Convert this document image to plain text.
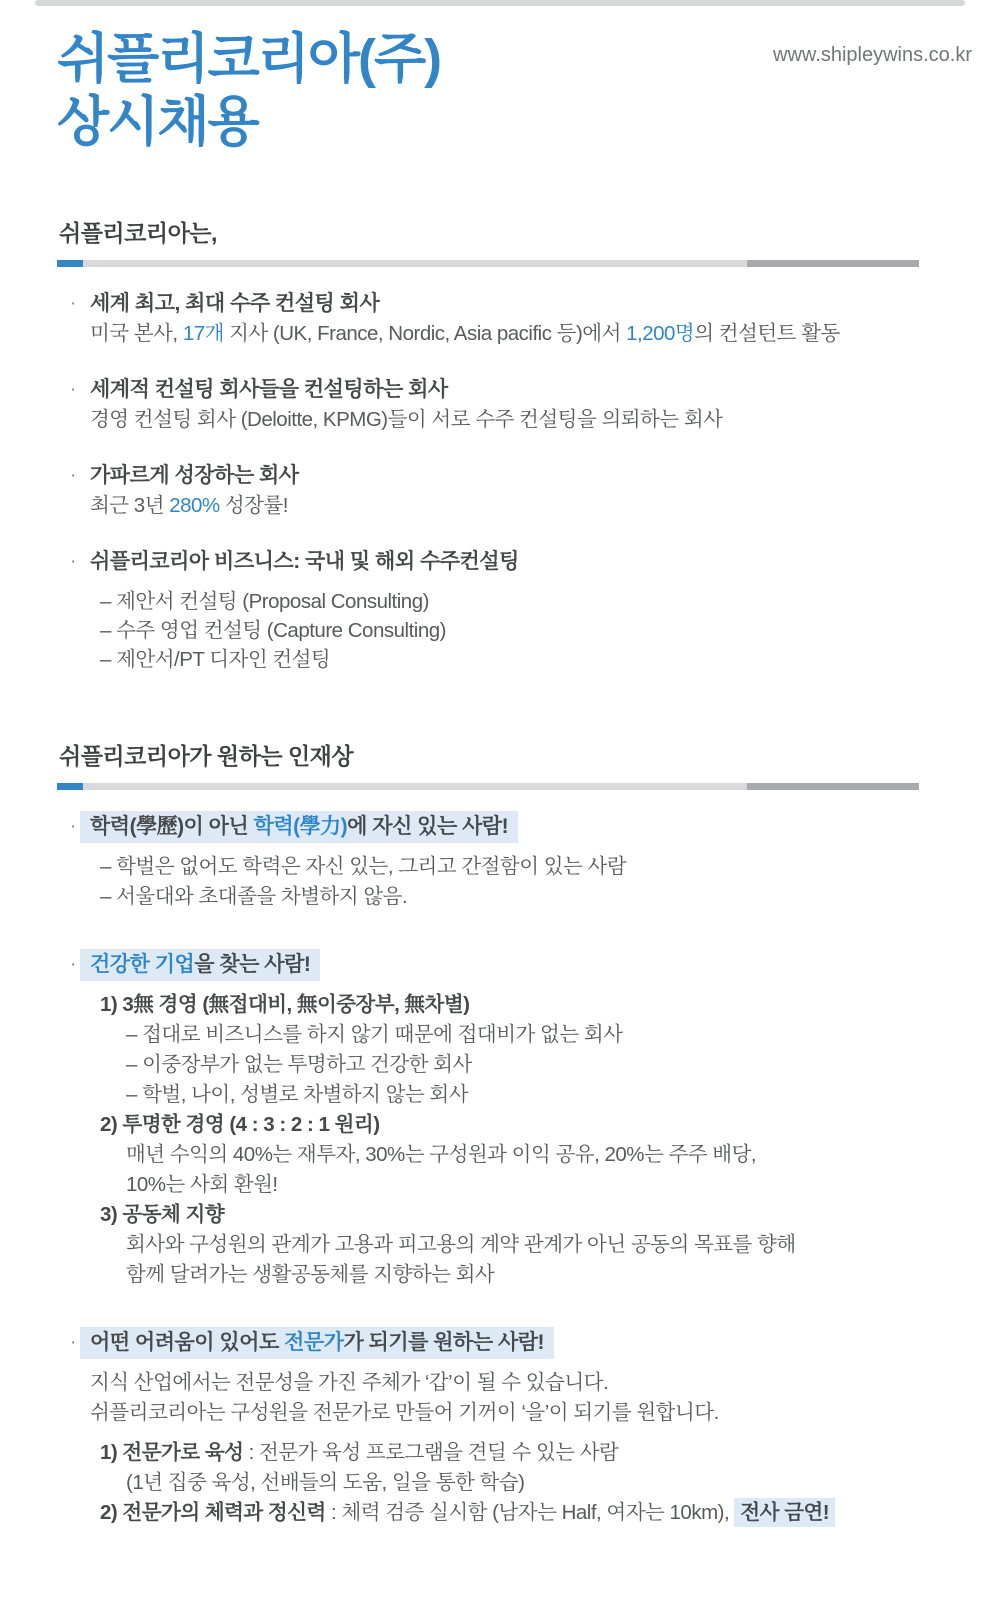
쉬플리코리아(주)
상시채용
www.shipleywins.co.kr
쉬플리코리아는,
· 세계 최고, 최대 수주 컨설팅 회사
미국 본사, 17개 지사 (UK, France, Nordic, Asia pacific 등)에서 1,200명의 컨설턴트 활동
· 세계적 컨설팅 회사들을 컨설팅하는 회사
경영 컨설팅 회사 (Deloitte, KPMG)들이 서로 수주 컨설팅을 의뢰하는 회사
· 가파르게 성장하는 회사
최근 3년 280% 성장률!
· 쉬플리코리아 비즈니스: 국내 및 해외 수주컨설팅
– 제안서 컨설팅 (Proposal Consulting)
– 수주 영업 컨설팅 (Capture Consulting)
– 제안서/PT 디자인 컨설팅
쉬플리코리아가 원하는 인재상
· 학력(學歷)이 아닌 학력(學力)에 자신 있는 사람!
– 학벌은 없어도 학력은 자신 있는, 그리고 간절함이 있는 사람
– 서울대와 초대졸을 차별하지 않음.
· 건강한 기업을 찾는 사람!
1) 3無 경영 (無접대비, 無이중장부, 無차별)
– 접대로 비즈니스를 하지 않기 때문에 접대비가 없는 회사
– 이중장부가 없는 투명하고 건강한 회사
– 학벌, 나이, 성별로 차별하지 않는 회사
2) 투명한 경영 (4 : 3 : 2 : 1 원리)
매년 수익의 40%는 재투자, 30%는 구성원과 이익 공유, 20%는 주주 배당,
10%는 사회 환원!
3) 공동체 지향
회사와 구성원의 관계가 고용과 피고용의 계약 관계가 아닌 공동의 목표를 향해
함께 달려가는 생활공동체를 지향하는 회사
· 어떤 어려움이 있어도 전문가가 되기를 원하는 사람!
지식 산업에서는 전문성을 가진 주체가 ‘갑’이 될 수 있습니다.
쉬플리코리아는 구성원을 전문가로 만들어 기꺼이 ‘을’이 되기를 원합니다.
1) 전문가로 육성 : 전문가 육성 프로그램을 견딜 수 있는 사람
(1년 집중 육성, 선배들의 도움, 일을 통한 학습)
2) 전문가의 체력과 정신력 : 체력 검증 실시함 (남자는 Half, 여자는 10km), 전사 금연!
